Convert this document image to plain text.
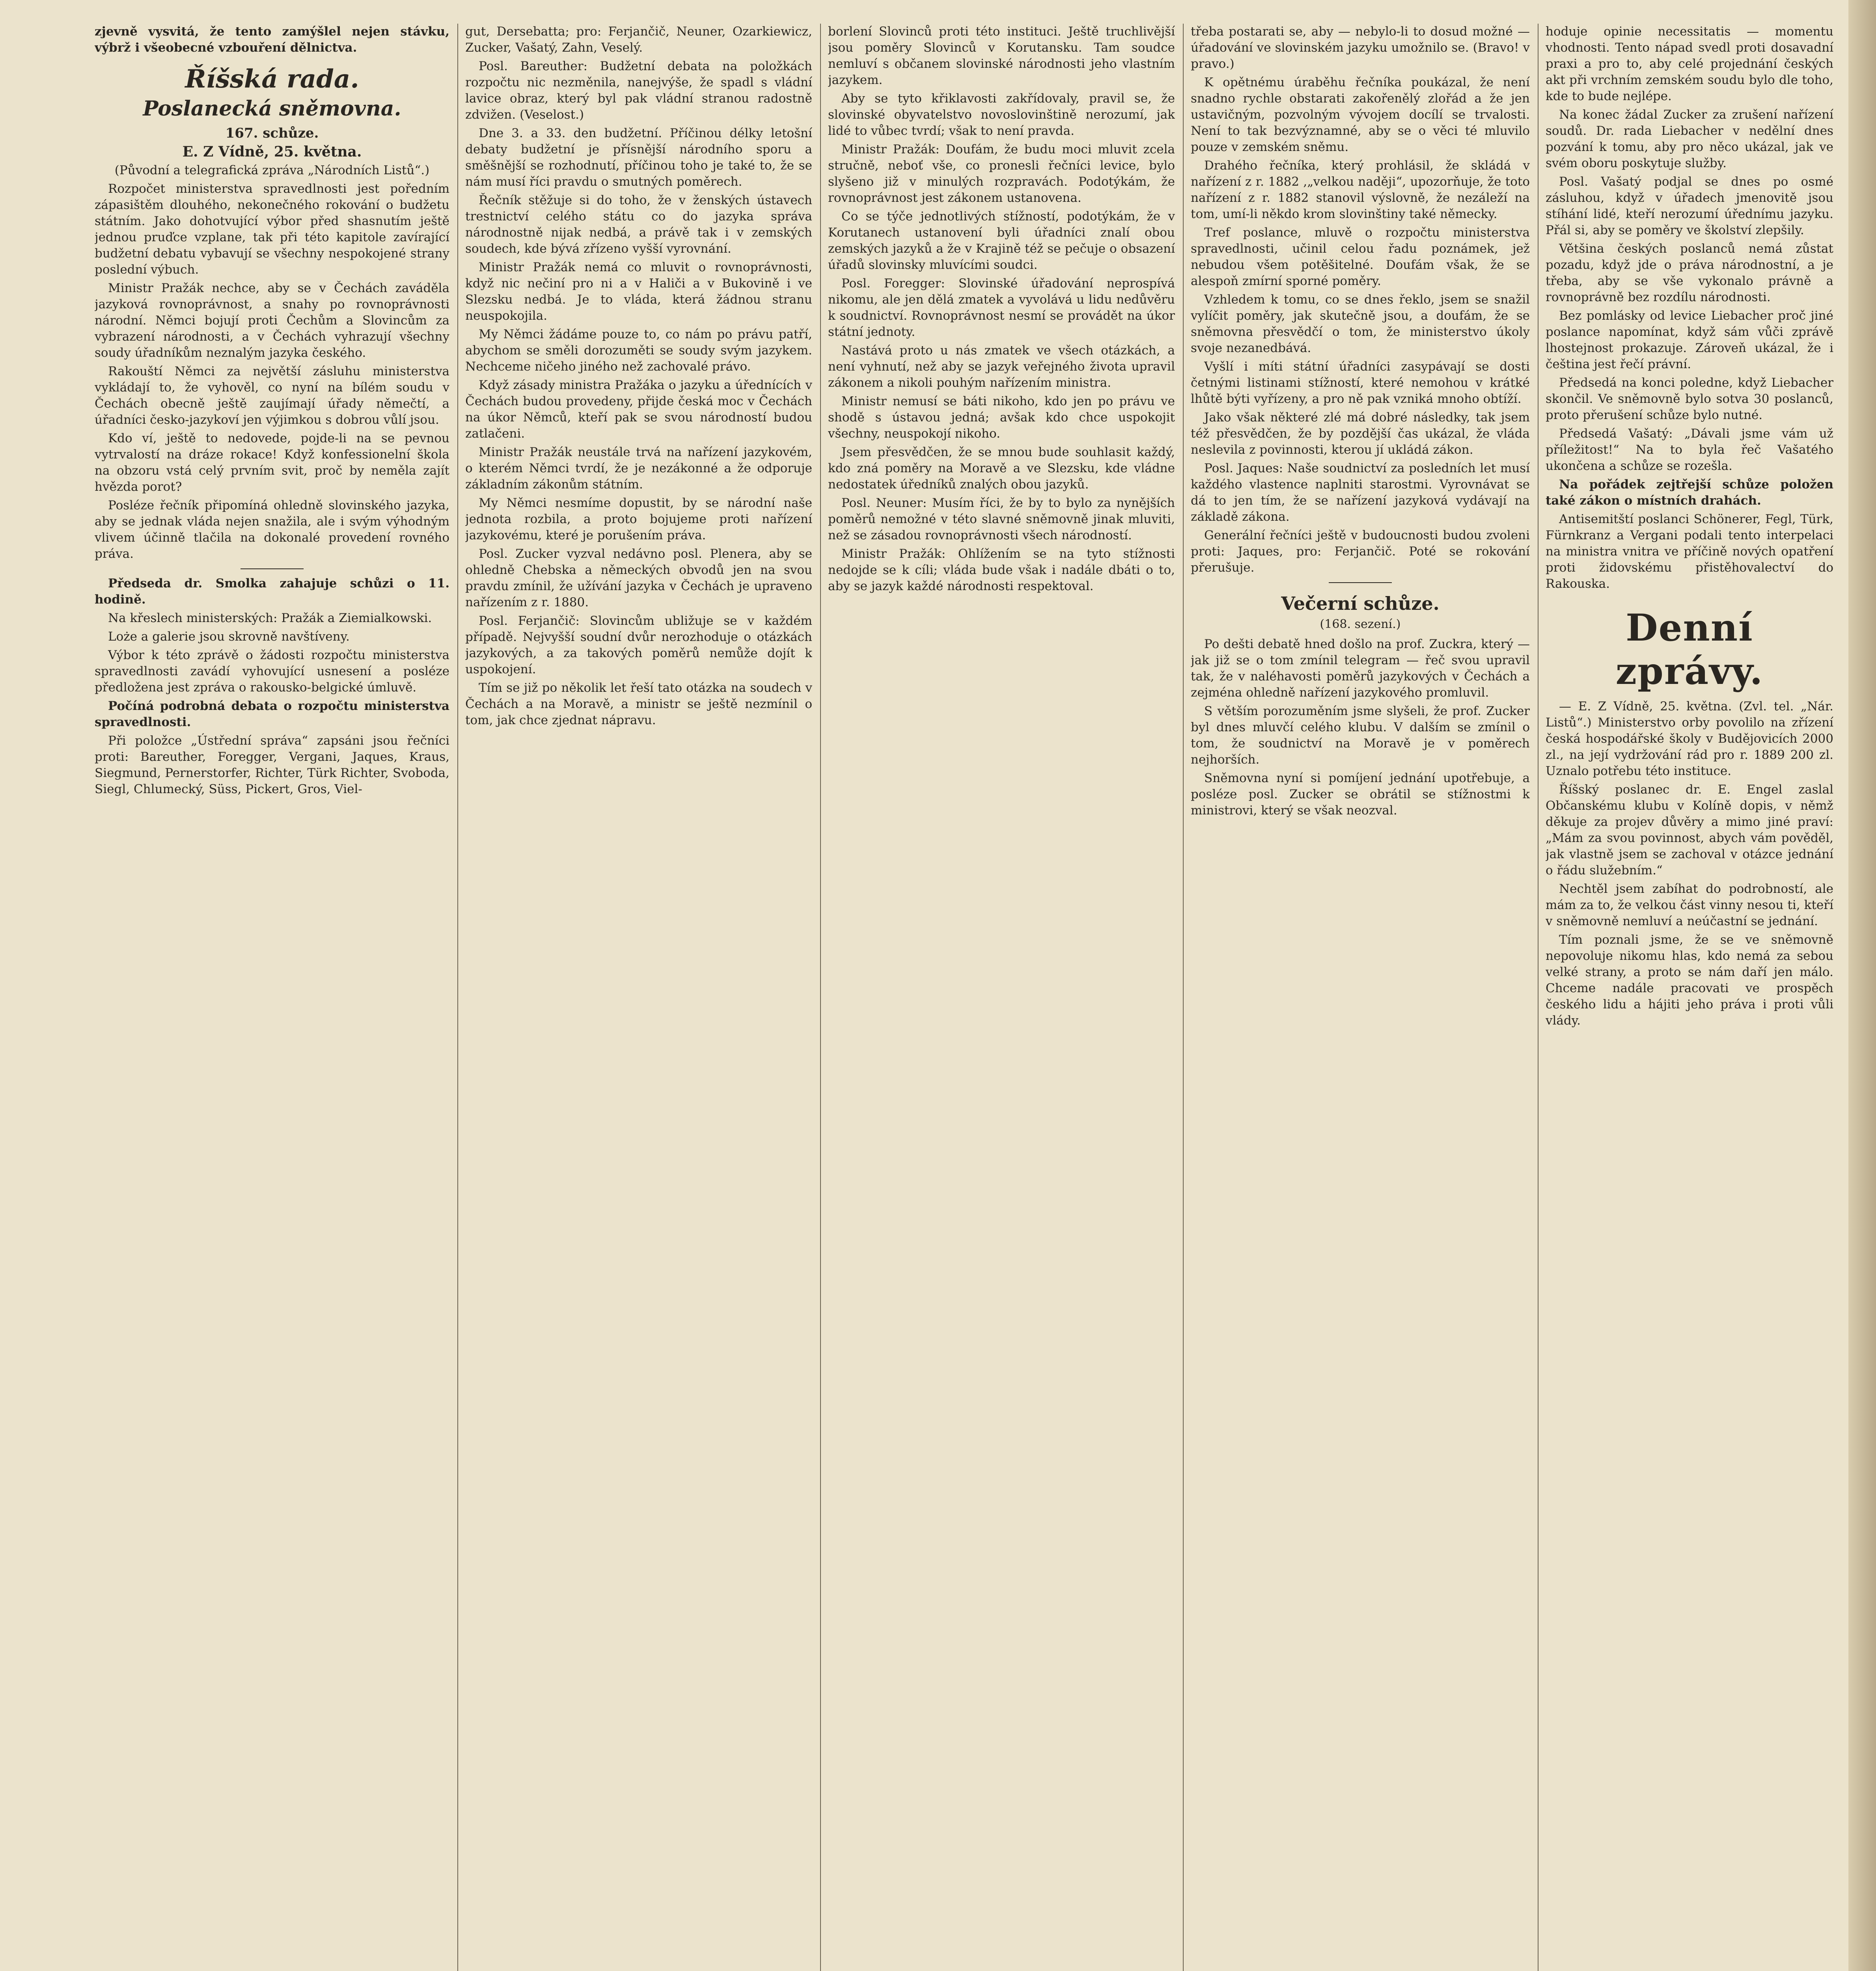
zjevně vysvitá, že tento zamýšlel nejen stávku, výbrž i všeobecné vzbouření dělnictva.

Říšská rada.
Poslanecká sněmovna.
167. schůze.
E. Z Vídně, 25. května.

(Původní a telegrafická zpráva „Národních Listů“.)

Rozpočet ministerstva spravedlnosti jest poředním zápasištěm dlouhého, nekonečného rokování o budžetu státním. Jako dohotvující výbor před shasnutím ještě jednou pruďce vzplane, tak při této kapitole zavírající budžetní debatu vybavují se všechny nespokojené strany poslední výbuch.

Ministr Pražák nechce, aby se v Čechách zaváděla jazyková rovnoprávnost, a snahy po rovnoprávnosti národní. Němci bojují proti Čechům a Slovincům za vybrazení národnosti, a v Čechách vyhrazují všechny soudy úřadníkům neznalým jazyka českého.

Rakouští Němci za největší zásluhu ministerstva vykládají to, že vyhověl, co nyní na bílém soudu v Čechách obecně ještě zaujímají úřady němečtí, a úřadníci česko-jazykoví jen výjimkou s dobrou vůlí jsou.

Kdo ví, ještě to nedovede, pojde-li na se pevnou vytrvalostí na dráze rokace! Když konfessionelní škola na obzoru vstá celý prvním svit, proč by neměla zajít hvězda porot?

Posléze řečník připomíná ohledně slovinského jazyka, aby se jednak vláda nejen snažila, ale i svým výhodným vlivem účinně tlačila na dokonalé provedení rovného práva.

Předseda dr. Smolka zahajuje schůzi o 11. hodině.

Na křeslech ministerských: Pražák a Ziemialkowski.

Loże a galerie jsou skrovně navštíveny.

Výbor k této zprávě o žádosti rozpočtu ministerstva spravedlnosti zavádí vyhovující usnesení a posléze předložena jest zpráva o rakousko-belgické úmluvě.

Počíná podrobná debata o rozpočtu ministerstva spravedlnosti.

Při položce „Ústřední správa“ zapsáni jsou řečníci proti: Bareuther, Foregger, Vergani, Jaques, Kraus, Siegmund, Pernerstorfer, Richter, Türk Richter, Svoboda, Siegl, Chlumecký, Süss, Pickert, Gros, Viel-

gut, Dersebatta; pro: Ferjančič, Neuner, Ozarkiewicz, Zucker, Vašatý, Zahn, Veselý.

Posl. Bareuther: Budžetní debata na položkách rozpočtu nic nezměnila, nanejvýše, že spadl s vládní lavice obraz, který byl pak vládní stranou radostně zdvižen. (Veselost.)

Dne 3. a 33. den budžetní. Příčinou délky letošní debaty budžetní je přísnější národního sporu a směšnější se rozhodnutí, příčinou toho je také to, že se nám musí říci pravdu o smutných poměrech.

Řečník stěžuje si do toho, že v ženských ústavech trestnictví celého státu co do jazyka správa národnostně nijak nedbá, a právě tak i v zemských soudech, kde bývá zřízeno vyšší vyrovnání.

Ministr Pražák nemá co mluvit o rovnoprávnosti, když nic nečiní pro ni a v Haliči a v Bukovině i ve Slezsku nedbá. Je to vláda, která žádnou stranu neuspokojila.

My Němci žádáme pouze to, co nám po právu patří, abychom se směli dorozuměti se soudy svým jazykem. Nechceme ničeho jiného než zachovalé právo.

Když zásady ministra Pražáka o jazyku a úřednících v Čechách budou provedeny, přijde česká moc v Čechách na úkor Němců, kteří pak se svou národností budou zatlačeni.

Ministr Pražák neustále trvá na nařízení jazykovém, o kterém Němci tvrdí, že je nezákonné a že odporuje základním zákonům státním.

My Němci nesmíme dopustit, by se národní naše jednota rozbila, a proto bojujeme proti nařízení jazykovému, které je porušením práva.

Posl. Zucker vyzval nedávno posl. Plenera, aby se ohledně Chebska a německých obvodů jen na svou pravdu zmínil, že užívání jazyka v Čechách je upraveno nařízením z r. 1880.

Posl. Ferjančič: Slovincům ubližuje se v každém případě. Nejvyšší soudní dvůr nerozhoduje o otázkách jazykových, a za takových poměrů nemůže dojít k uspokojení.

Tím se již po několik let řeší tato otázka na soudech v Čechách a na Moravě, a ministr se ještě nezmínil o tom, jak chce zjednat nápravu.

borlení Slovinců proti této instituci. Ještě truchlivější jsou poměry Slovinců v Korutansku. Tam soudce nemluví s občanem slovinské národnosti jeho vlastním jazykem.

Aby se tyto křiklavosti zakřídovaly, pravil se, že slovinské obyvatelstvo novoslovinštině nerozumí, jak lidé to vůbec tvrdí; však to není pravda.

Ministr Pražák: Doufám, že budu moci mluvit zcela stručně, neboť vše, co pronesli řečníci levice, bylo slyšeno již v minulých rozpravách. Podotýkám, že rovnoprávnost jest zákonem ustanovena.

Co se týče jednotlivých stížností, podotýkám, že v Korutanech ustanovení byli úřadníci znalí obou zemských jazyků a že v Krajině též se pečuje o obsazení úřadů slovinsky mluvícími soudci.

Posl. Foregger: Slovinské úřadování neprospívá nikomu, ale jen dělá zmatek a vyvolává u lidu nedůvěru k soudnictví. Rovnoprávnost nesmí se provádět na úkor státní jednoty.

Nastává proto u nás zmatek ve všech otázkách, a není vyhnutí, než aby se jazyk veřejného života upravil zákonem a nikoli pouhým nařízením ministra.

Ministr nemusí se báti nikoho, kdo jen po právu ve shodě s ústavou jedná; avšak kdo chce uspokojit všechny, neuspokojí nikoho.

Jsem přesvědčen, že se mnou bude souhlasit každý, kdo zná poměry na Moravě a ve Slezsku, kde vládne nedostatek úředníků znalých obou jazyků.

Posl. Neuner: Musím říci, že by to bylo za nynějších poměrů nemožné v této slavné sněmovně jinak mluviti, než se zásadou rovnoprávnosti všech národností.

Ministr Pražák: Ohlížením se na tyto stížnosti nedojde se k cíli; vláda bude však i nadále dbáti o to, aby se jazyk každé národnosti respektoval.

třeba postarati se, aby — nebylo-li to dosud možné — úřadování ve slovinském jazyku umožnilo se. (Bravo! v pravo.)

K opětnému úraběhu řečníka poukázal, že není snadno rychle obstarati zakořenělý zlořád a že jen ustavičným, pozvolným vývojem docílí se trvalosti. Není to tak bezvýznamné, aby se o věci té mluvilo pouze v zemském sněmu.

Drahého řečníka, který prohlásil, že skládá v nařízení z r. 1882 ,„velkou naději“, upozorňuje, že toto nařízení z r. 1882 stanovil výslovně, že nezáleží na tom, umí-li někdo krom slovinštiny také německy.

Tref poslance, mluvě o rozpočtu ministerstva spravedlnosti, učinil celou řadu poznámek, jež nebudou všem potěšitelné. Doufám však, že se alespoň zmírní sporné poměry.

Vzhledem k tomu, co se dnes řeklo, jsem se snažil vylíčit poměry, jak skutečně jsou, a doufám, že se sněmovna přesvědčí o tom, že ministerstvo úkoly svoje nezanedbává.

Vyšlí i míti státní úřadníci zasypávají se dosti četnými listinami stížností, které nemohou v krátké lhůtě býti vyřízeny, a pro ně pak vzniká mnoho obtíží.

Jako však některé zlé má dobré následky, tak jsem též přesvědčen, že by pozdější čas ukázal, že vláda neslevila z povinnosti, kterou jí ukládá zákon.

Posl. Jaques: Naše soudnictví za posledních let musí každého vlastence naplniti starostmi. Vyrovnávat se dá to jen tím, že se nařízení jazyková vydávají na základě zákona.

Generální řečníci ještě v budoucnosti budou zvoleni proti: Jaques, pro: Ferjančič. Poté se rokování přerušuje.

Večerní schůze.
(168. sezení.)

Po dešti debatě hned došlo na prof. Zuckra, který — jak již se o tom zmínil telegram — řeč svou upravil tak, že v naléhavosti poměrů jazykových v Čechách a zejména ohledně nařízení jazykového promluvil.

S větším porozuměním jsme slyšeli, že prof. Zucker byl dnes mluvčí celého klubu. V dalším se zmínil o tom, že soudnictví na Moravě je v poměrech nejhorších.

Sněmovna nyní si pomíjení jednání upotřebuje, a posléze posl. Zucker se obrátil se stížnostmi k ministrovi, který se však neozval.

hoduje opinie necessitatis — momentu vhodnosti. Tento nápad svedl proti dosavadní praxi a pro to, aby celé projednání českých akt při vrchním zemském soudu bylo dle toho, kde to bude nejlépe.

Na konec žádal Zucker za zrušení nařízení soudů. Dr. rada Liebacher v nedělní dnes pozvání k tomu, aby pro něco ukázal, jak ve svém oboru poskytuje služby.

Posl. Vašatý podjal se dnes po osmé zásluhou, když v úřadech jmenovitě jsou stíhání lidé, kteří nerozumí úřednímu jazyku. Přál si, aby se poměry ve školství zlepšily.

Většina českých poslanců nemá zůstat pozadu, když jde o práva národnostní, a je třeba, aby se vše vykonalo právně a rovnoprávně bez rozdílu národnosti.

Bez pomlásky od levice Liebacher proč jiné poslance napomínat, když sám vůči zprávě lhostejnost prokazuje. Zároveň ukázal, že i čeština jest řečí právní.

Předsedá na konci poledne, když Liebacher skončil. Ve sněmovně bylo sotva 30 poslanců, proto přerušení schůze bylo nutné.

Předsedá Vašatý: „Dávali jsme vám už příležitost!“ Na to byla řeč Vašatého ukončena a schůze se rozešla.

Na pořádek zejtřejší schůze položen také zákon o místních drahách.

Antisemitští poslanci Schönerer, Fegl, Türk, Fürnkranz a Vergani podali tento interpelaci na ministra vnitra ve příčině nových opatření proti židovskému přistěhovalectví do Rakouska.

Denní zprávy.

— E. Z Vídně, 25. května. (Zvl. tel. „Nár. Listů“.) Ministerstvo orby povolilo na zřízení česká hospodářské školy v Budějovicích 2000 zl., na její vydržování rád pro r. 1889 200 zl. Uznalo potřebu této instituce.

Říšský poslanec dr. E. Engel zaslal Občanskému klubu v Kolíně dopis, v němž děkuje za projev důvěry a mimo jiné praví: „Mám za svou povinnost, abych vám pověděl, jak vlastně jsem se zachoval v otázce jednání o řádu služebním.“

Nechtěl jsem zabíhat do podrobností, ale mám za to, že velkou část vinny nesou ti, kteří v sněmovně nemluví a neúčastní se jednání.

Tím poznali jsme, že se ve sněmovně nepovoluje nikomu hlas, kdo nemá za sebou velké strany, a proto se nám daří jen málo. Chceme nadále pracovati ve prospěch českého lidu a hájiti jeho práva i proti vůli vlády.
